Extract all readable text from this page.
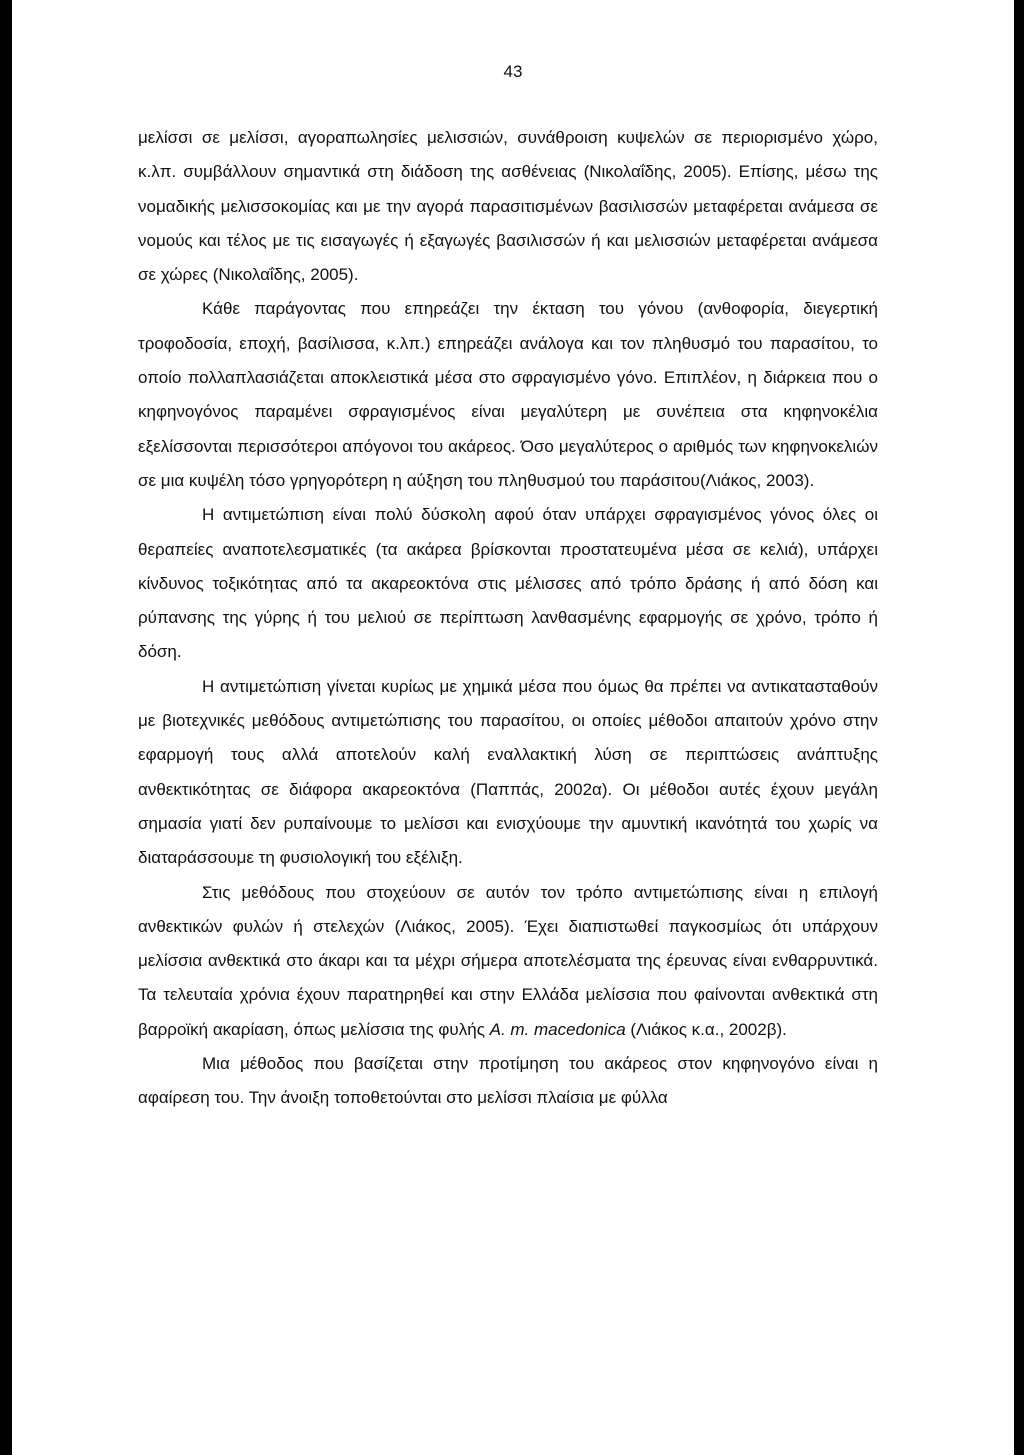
43

μελίσσι σε μελίσσι, αγοραπωλησίες μελισσιών, συνάθροιση κυψελών σε περιορισμένο χώρο, κ.λπ. συμβάλλουν σημαντικά στη διάδοση της ασθένειας (Νικολαΐδης, 2005). Επίσης, μέσω της νομαδικής μελισσοκομίας και με την αγορά παρασιτισμένων βασιλισσών μεταφέρεται ανάμεσα σε νομούς και τέλος με τις εισαγωγές ή εξαγωγές βασιλισσών ή και μελισσιών μεταφέρεται ανάμεσα σε χώρες (Νικολαΐδης, 2005).

Κάθε παράγοντας που επηρεάζει την έκταση του γόνου (ανθοφορία, διεγερτική τροφοδοσία, εποχή, βασίλισσα, κ.λπ.) επηρεάζει ανάλογα και τον πληθυσμό του παρασίτου, το οποίο πολλαπλασιάζεται αποκλειστικά μέσα στο σφραγισμένο γόνο. Επιπλέον, η διάρκεια που ο κηφηνογόνος παραμένει σφραγισμένος είναι μεγαλύτερη με συνέπεια στα κηφηνοκέλια εξελίσσονται περισσότεροι απόγονοι του ακάρεος. Όσο μεγαλύτερος ο αριθμός των κηφηνοκελιών σε μια κυψέλη τόσο γρηγορότερη η αύξηση του πληθυσμού του παράσιτου(Λιάκος, 2003).

Η αντιμετώπιση είναι πολύ δύσκολη αφού όταν υπάρχει σφραγισμένος γόνος όλες οι θεραπείες αναποτελεσματικές (τα ακάρεα βρίσκονται προστατευμένα μέσα σε κελιά), υπάρχει κίνδυνος τοξικότητας από τα ακαρεοκτόνα στις μέλισσες από τρόπο δράσης ή από δόση και ρύπανσης της γύρης ή του μελιού σε περίπτωση λανθασμένης εφαρμογής σε χρόνο, τρόπο ή δόση.

Η αντιμετώπιση γίνεται κυρίως με χημικά μέσα που όμως θα πρέπει να αντικατασταθούν με βιοτεχνικές μεθόδους αντιμετώπισης του παρασίτου, οι οποίες μέθοδοι απαιτούν χρόνο στην εφαρμογή τους αλλά αποτελούν καλή εναλλακτική λύση σε περιπτώσεις ανάπτυξης ανθεκτικότητας σε διάφορα ακαρεοκτόνα (Παππάς, 2002α). Οι μέθοδοι αυτές έχουν μεγάλη σημασία γιατί δεν ρυπαίνουμε το μελίσσι και ενισχύουμε την αμυντική ικανότητά του χωρίς να διαταράσσουμε τη φυσιολογική του εξέλιξη.

Στις μεθόδους που στοχεύουν σε αυτόν τον τρόπο αντιμετώπισης είναι η επιλογή ανθεκτικών φυλών ή στελεχών (Λιάκος, 2005). Έχει διαπιστωθεί παγκοσμίως ότι υπάρχουν μελίσσια ανθεκτικά στο άκαρι και τα μέχρι σήμερα αποτελέσματα της έρευνας είναι ενθαρρυντικά. Τα τελευταία χρόνια έχουν παρατηρηθεί και στην Ελλάδα μελίσσια που φαίνονται ανθεκτικά στη βαρροϊκή ακαρίαση, όπως μελίσσια της φυλής A. m. macedonica (Λιάκος κ.α., 2002β).

Μια μέθοδος που βασίζεται στην προτίμηση του ακάρεος στον κηφηνογόνο είναι η αφαίρεση του. Την άνοιξη τοποθετούνται στο μελίσσι πλαίσια με φύλλα
